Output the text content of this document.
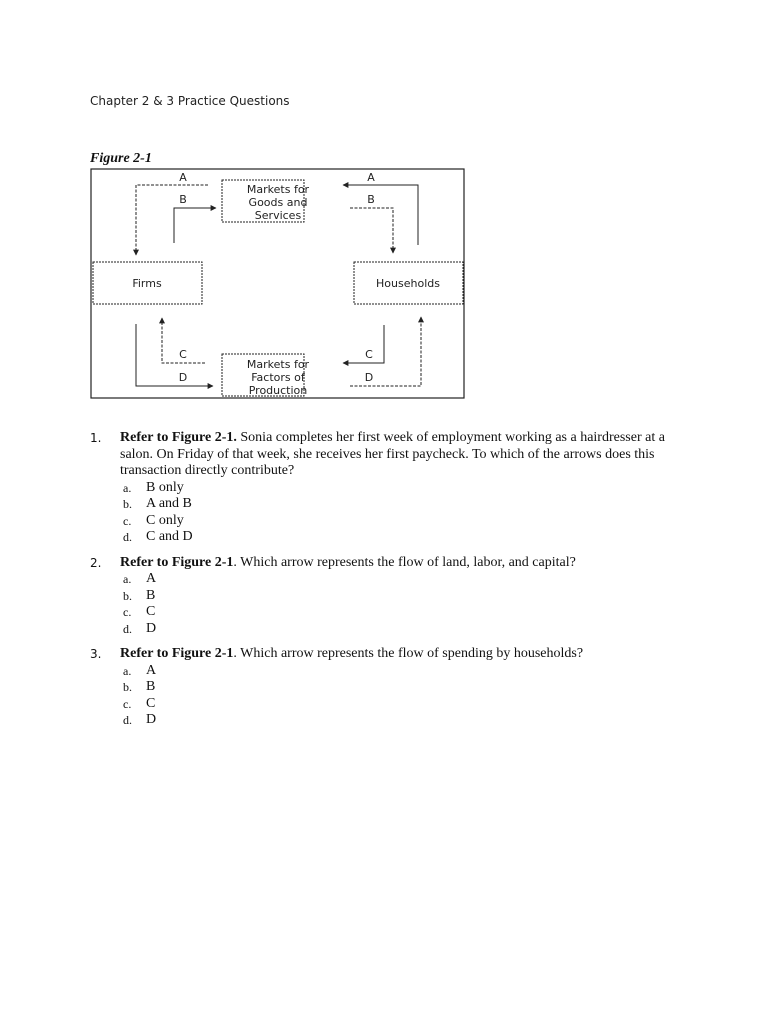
Chapter 2 & 3 Practice Questions
Figure 2-1
Markets for
Goods and
Services
Markets for
Factors of
Production
Firms	Households
A
B
A
B
C
D
C
D
1. Refer to Figure 2-1. Sonia completes her first week of employment working as a hairdresser at a salon. On Friday of that week, she receives her first paycheck. To which of the arrows does this transaction directly contribute?
a. B only
b. A and B
c. C only
d. C and D
2. Refer to Figure 2-1. Which arrow represents the flow of land, labor, and capital?
a. A
b. B
c. C
d. D
3. Refer to Figure 2-1. Which arrow represents the flow of spending by households?
a. A
b. B
c. C
d. D
